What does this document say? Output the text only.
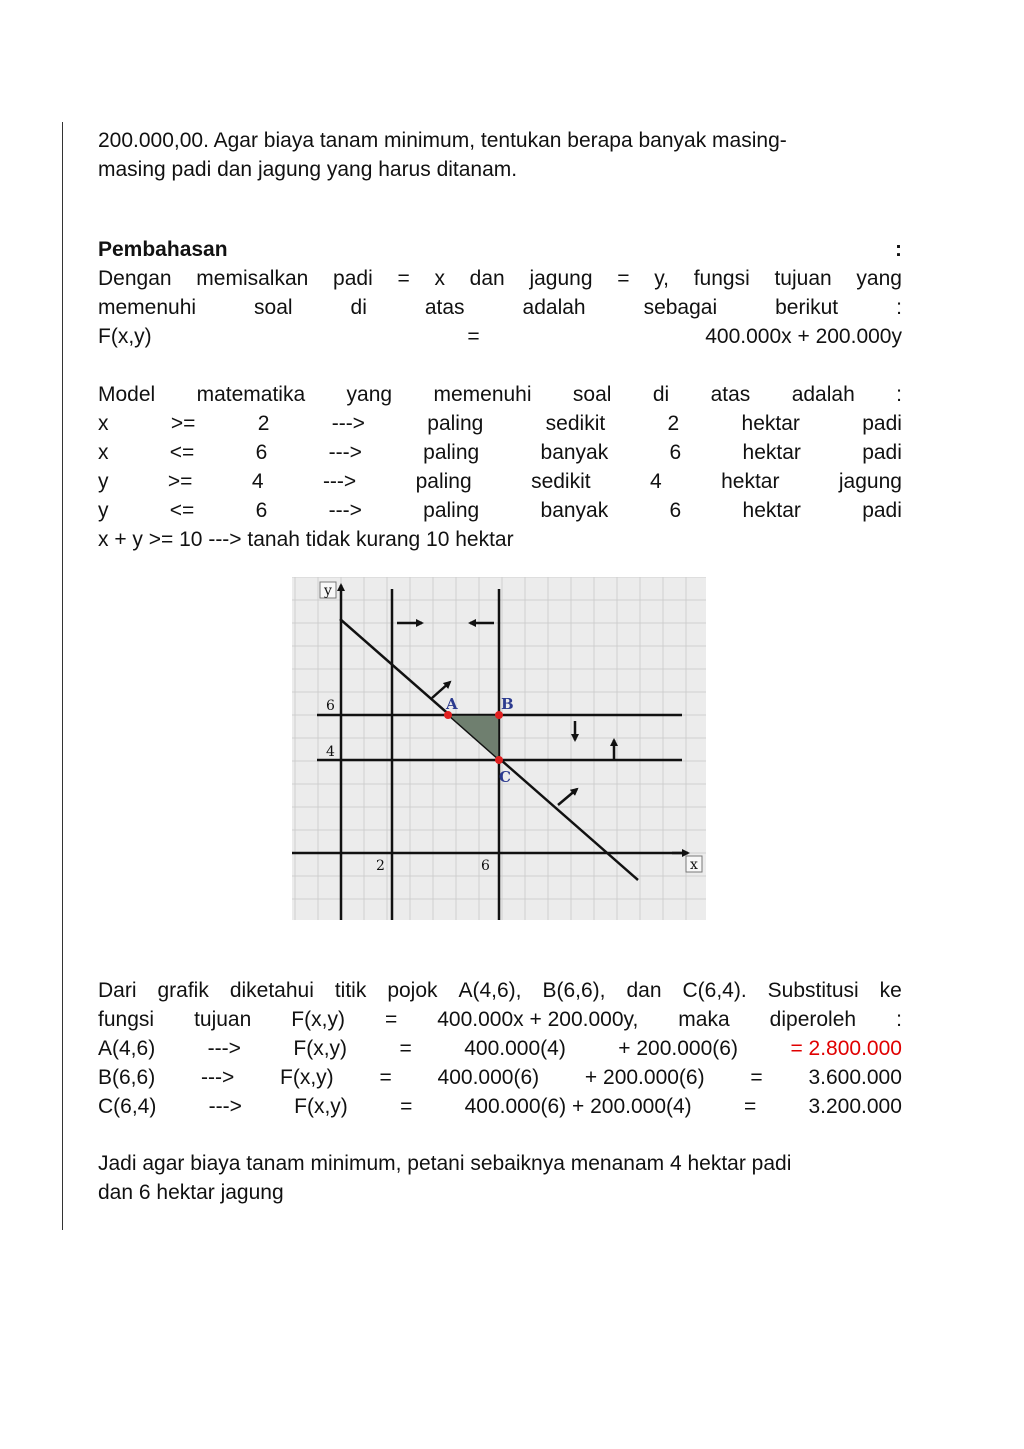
200.000,00. Agar biaya tanam minimum, tentukan berapa banyak masing-
masing padi dan jagung yang harus ditanam.
Pembahasan	:
Dengan memisalkan padi = x dan jagung = y, fungsi tujuan yang
memenuhi	soal	di	atas	adalah	sebagai	berikut	:
F(x,y)	=	400.000x + 200.000y
Model matematika yang memenuhi soal di atas adalah :
x	>=	2	--->	paling	sedikit	2	hektar	padi
x	<=	6	--->	paling	banyak	6	hektar	padi
y	>=	4	--->	paling	sedikit	4	hektar	jagung
y	<=	6	--->	paling	banyak	6	hektar	padi
x + y >= 10 ---> tanah tidak kurang 10 hektar
y
x
2	6
6
4
A	B
C
Dari grafik diketahui titik pojok A(4,6), B(6,6), dan C(6,4). Substitusi ke
fungsi tujuan F(x,y) = 400.000x + 200.000y, maka diperoleh :
A(4,6) ---> F(x,y) = 400.000(4) + 200.000(6) = 2.800.000
B(6,6) ---> F(x,y) = 400.000(6) + 200.000(6) = 3.600.000
C(6,4) ---> F(x,y) = 400.000(6) + 200.000(4) = 3.200.000
Jadi agar biaya tanam minimum, petani sebaiknya menanam 4 hektar padi
dan 6 hektar jagung
